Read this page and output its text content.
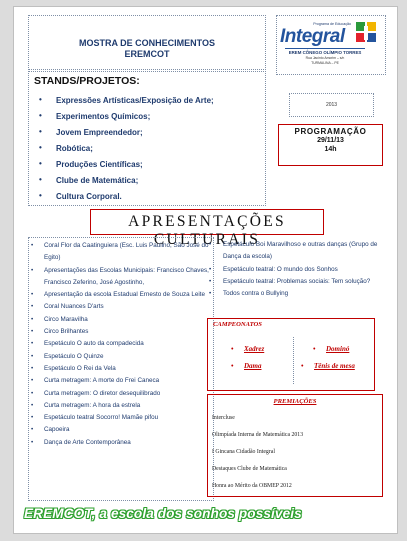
MOSTRA DE CONHECIMENTOS
EREMCOT
Programa de Educação
Integral
EREM CÔNEGO OLÍMPIO TORRES
Rua Jacinto Amorim – s/n
TURMALINA – PE
STANDS/PROJETOS:
• Expressões Artísticas/Exposição de Arte;
• Experimentos Químicos;
• Jovem Empreendedor;
• Robótica;
• Produções Científicas;
• Clube de Matemática;
• Cultura Corporal.
2013
PROGRAMAÇÃO
29/11/13
14h
APRESENTAÇÕES CULTURAIS
• Coral Flor da Caatinguiera (Esc. Luis Paulino, São José do Egito)
• Apresentações das Escolas Municipais: Francisco Chaves, Francisco Zeferino, José Agostinho,
• Apresentação da escola Estadual Ernesto de Souza Leite
• Coral Nuances D'arts
• Circo Maravilha
• Circo Brilhantes
• Espetáculo O auto da compadecida
• Espetáculo O Quinze
• Espetáculo O Rei da Vela
• Curta metragem: A morte do Frei Caneca
• Curta metragem: O diretor desequilibrado
• Curta metragem: A hora da estrela
• Espetáculo teatral Socorro! Mamãe pifou
• Capoeira
• Dança de Arte Contemporânea
• Espetáculo Boi Maravilhoso e outras danças (Grupo de Dança da escola)
• Espetáculo teatral: O mundo dos Sonhos
• Espetáculo teatral: Problemas sociais: Tem solução?
• Todos contra o Bullying
CAMPEONATOS
• Xadrez	• Dominó
• Dama	• Tênis de mesa
PREMIAÇÕES
Intercluse
Olimpíada Interna de Matemática 2013
I Gincana Cidadão Integral
Destaques Clube de Matemática
Honra ao Mérito da OBMEP 2012
EREMCOT, a escola dos sonhos possíveis
